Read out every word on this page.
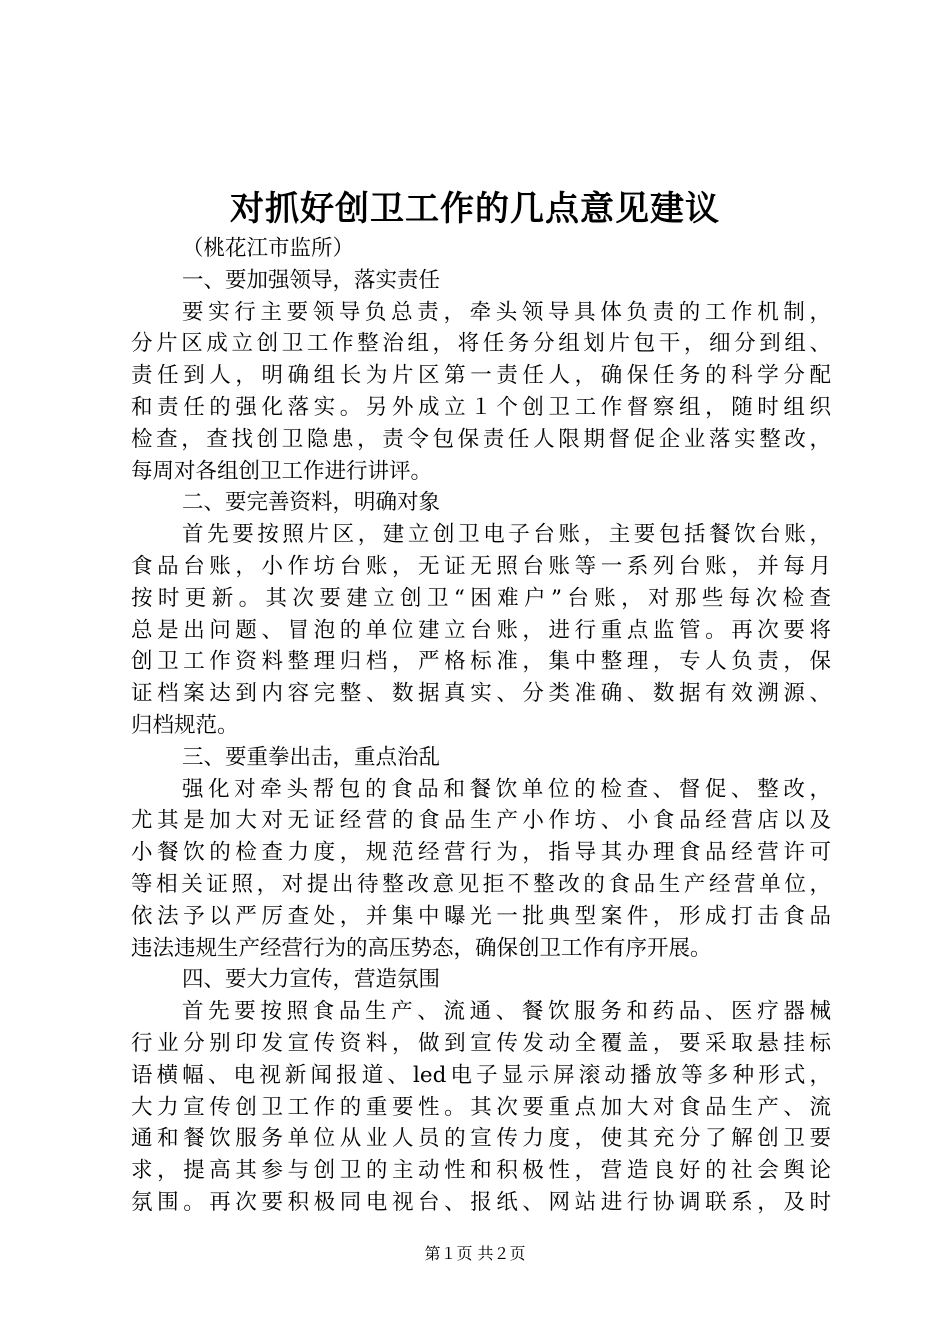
对抓好创卫工作的几点意见建议
（桃花江市监所）
一、要加强领导，落实责任
要实行主要领导负总责，牵头领导具体负责的工作机制，
分片区成立创卫工作整治组，将任务分组划片包干，细分到组、
责任到人，明确组长为片区第一责任人，确保任务的科学分配
和责任的强化落实。另外成立１个创卫工作督察组，随时组织
检查，查找创卫隐患，责令包保责任人限期督促企业落实整改，
每周对各组创卫工作进行讲评。
二、要完善资料，明确对象
首先要按照片区，建立创卫电子台账，主要包括餐饮台账，
食品台账，小作坊台账，无证无照台账等一系列台账，并每月
按时更新。其次要建立创卫“困难户”台账，对那些每次检查
总是出问题、冒泡的单位建立台账，进行重点监管。再次要将
创卫工作资料整理归档，严格标准，集中整理，专人负责，保
证档案达到内容完整、数据真实、分类准确、数据有效溯源、
归档规范。
三、要重拳出击，重点治乱
强化对牵头帮包的食品和餐饮单位的检查、督促、整改，
尤其是加大对无证经营的食品生产小作坊、小食品经营店以及
小餐饮的检查力度，规范经营行为，指导其办理食品经营许可
等相关证照，对提出待整改意见拒不整改的食品生产经营单位，
依法予以严厉查处，并集中曝光一批典型案件，形成打击食品
违法违规生产经营行为的高压势态，确保创卫工作有序开展。
四、要大力宣传，营造氛围
首先要按照食品生产、流通、餐饮服务和药品、医疗器械
行业分别印发宣传资料，做到宣传发动全覆盖，要采取悬挂标
语横幅、电视新闻报道、led电子显示屏滚动播放等多种形式，
大力宣传创卫工作的重要性。其次要重点加大对食品生产、流
通和餐饮服务单位从业人员的宣传力度，使其充分了解创卫要
求，提高其参与创卫的主动性和积极性，营造良好的社会舆论
氛围。再次要积极同电视台、报纸、网站进行协调联系，及时
第１页 共２页
